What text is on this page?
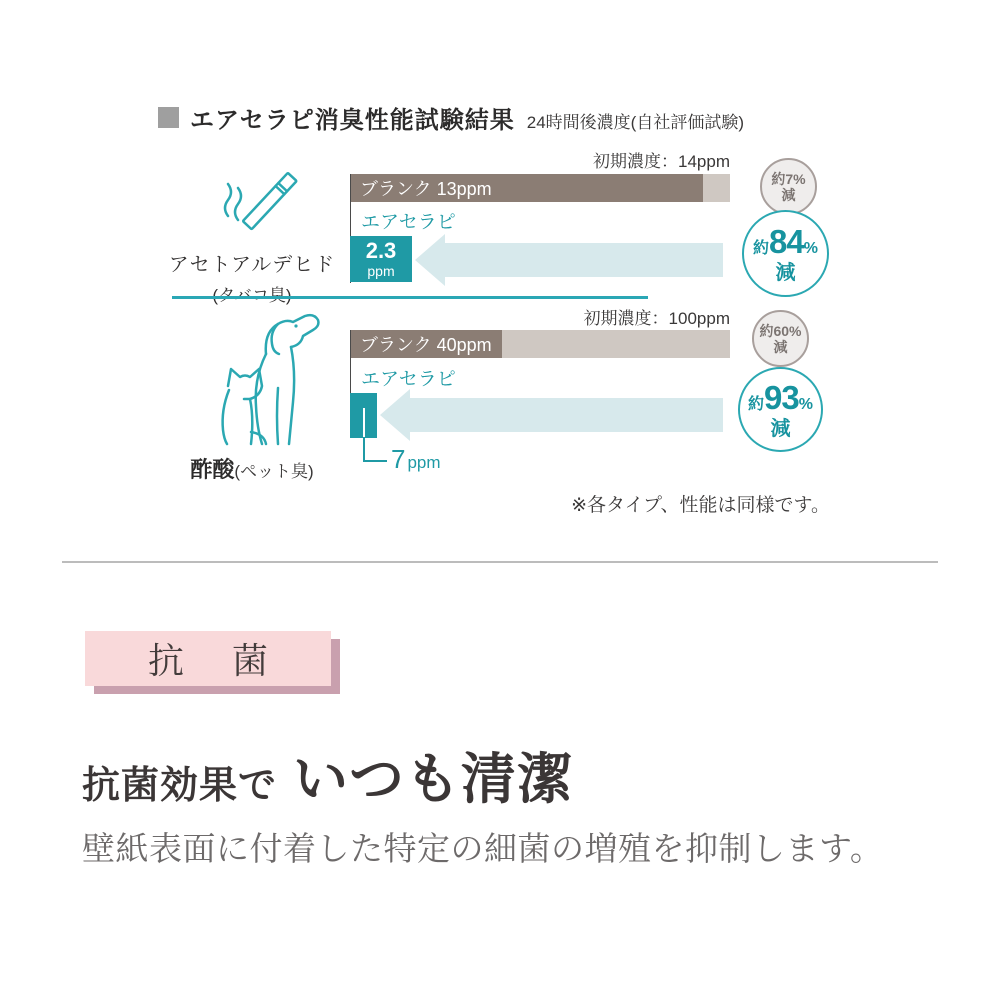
エアセラピ消臭性能試験結果 24時間後濃度(自社評価試験)
アセトアルデヒド
初期濃度：14ppm
ブランク 13ppm
エアセラピ
2.3
ppm
約7%
減
約 84 %
減
酢酸(ペット臭)
初期濃度：100ppm
ブランク 40ppm
エアセラピ
7 ppm
約60%
減
約 93 %
減
※各タイプ、性能は同様です。
抗　菌
抗菌効果で いつも清潔
壁紙表面に付着した特定の細菌の増殖を抑制します。
